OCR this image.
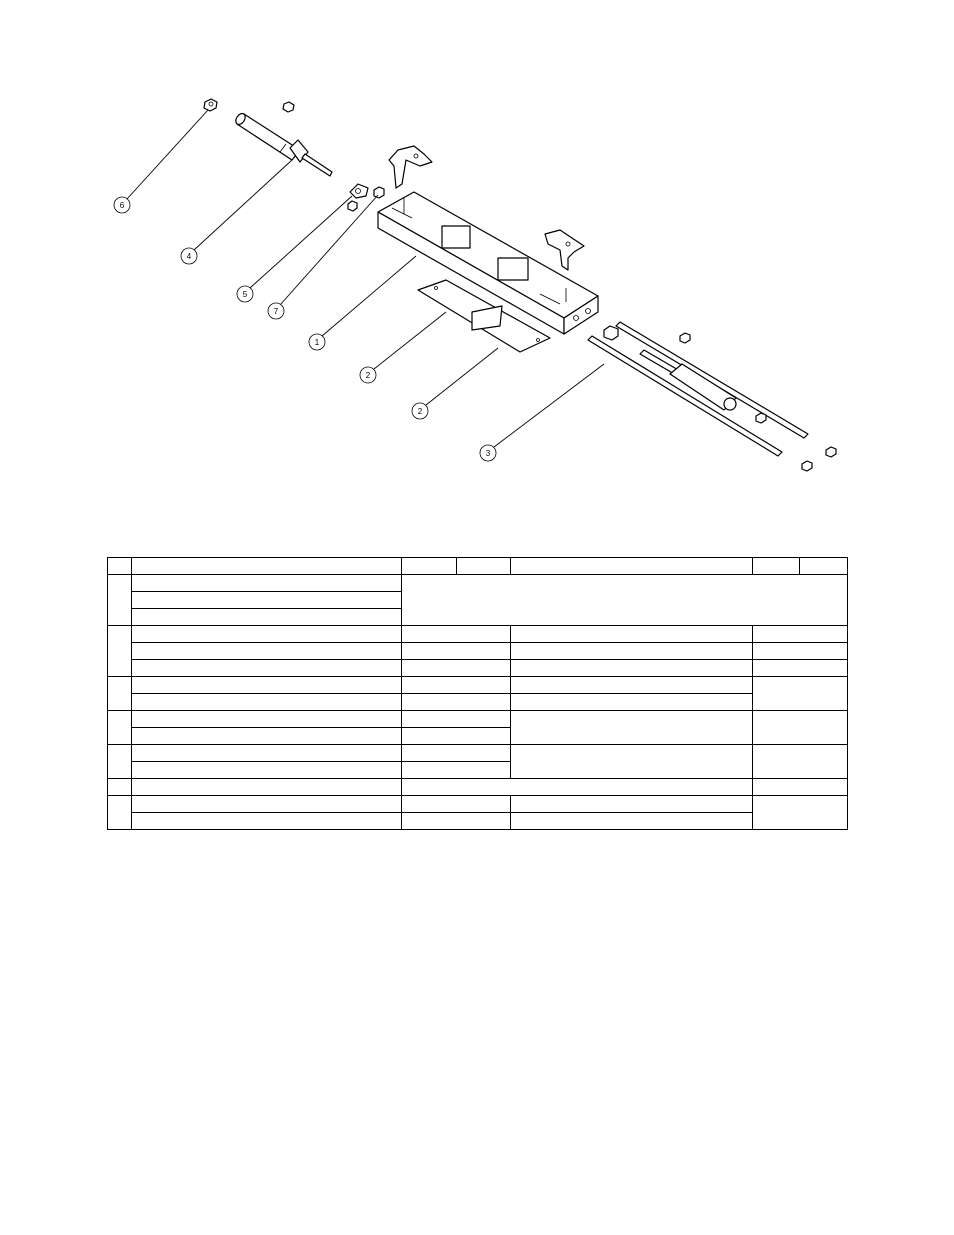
6
4
5
7
1
2
2
3
